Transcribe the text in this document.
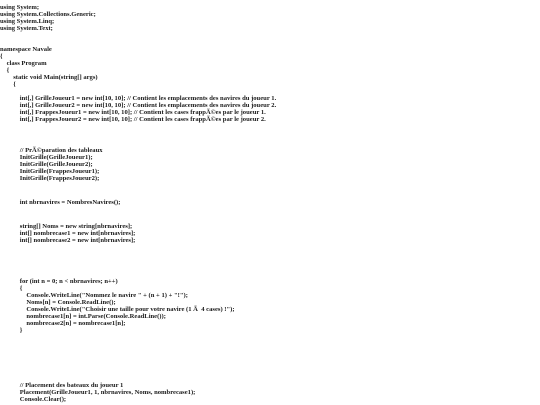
using System;
using System.Collections.Generic;
using System.Linq;
using System.Text;
namespace Navale
{
class Program
{
static void Main(string[] args)
{
int[,] GrilleJoueur1 = new int[10, 10]; // Contient les emplacements des navires du joueur 1.
int[,] GrilleJoueur2 = new int[10, 10]; // Contient les emplacements des navires du joueur 2.
int[,] FrappesJoueur1 = new int[10, 10]; // Contient les cases frappÃ©es par le joueur 1.
int[,] FrappesJoueur2 = new int[10, 10]; // Contient les cases frappÃ©es par le joueur 2.
// PrÃ©paration des tableaux
InitGrille(GrilleJoueur1);
InitGrille(GrilleJoueur2);
InitGrille(FrappesJoueur1);
InitGrille(FrappesJoueur2);
int nbrnavires = NombresNavires();
string[] Noms = new string[nbrnavires];
int[] nombrecase1 = new int[nbrnavires];
int[] nombrecase2 = new int[nbrnavires];
for (int n = 0; n < nbrnavires; n++)
{
Console.WriteLine("Nommez le navire " + (n + 1) + "!");
Noms[n] = Console.ReadLine();
Console.WriteLine("Choisir une taille pour votre navire (1 Ã  4 cases) !");
nombrecase1[n] = int.Parse(Console.ReadLine());
nombrecase2[n] = nombrecase1[n];
}
// Placement des bateaux du joueur 1
Placement(GrilleJoueur1, 1, nbrnavires, Noms, nombrecase1);
Console.Clear();
